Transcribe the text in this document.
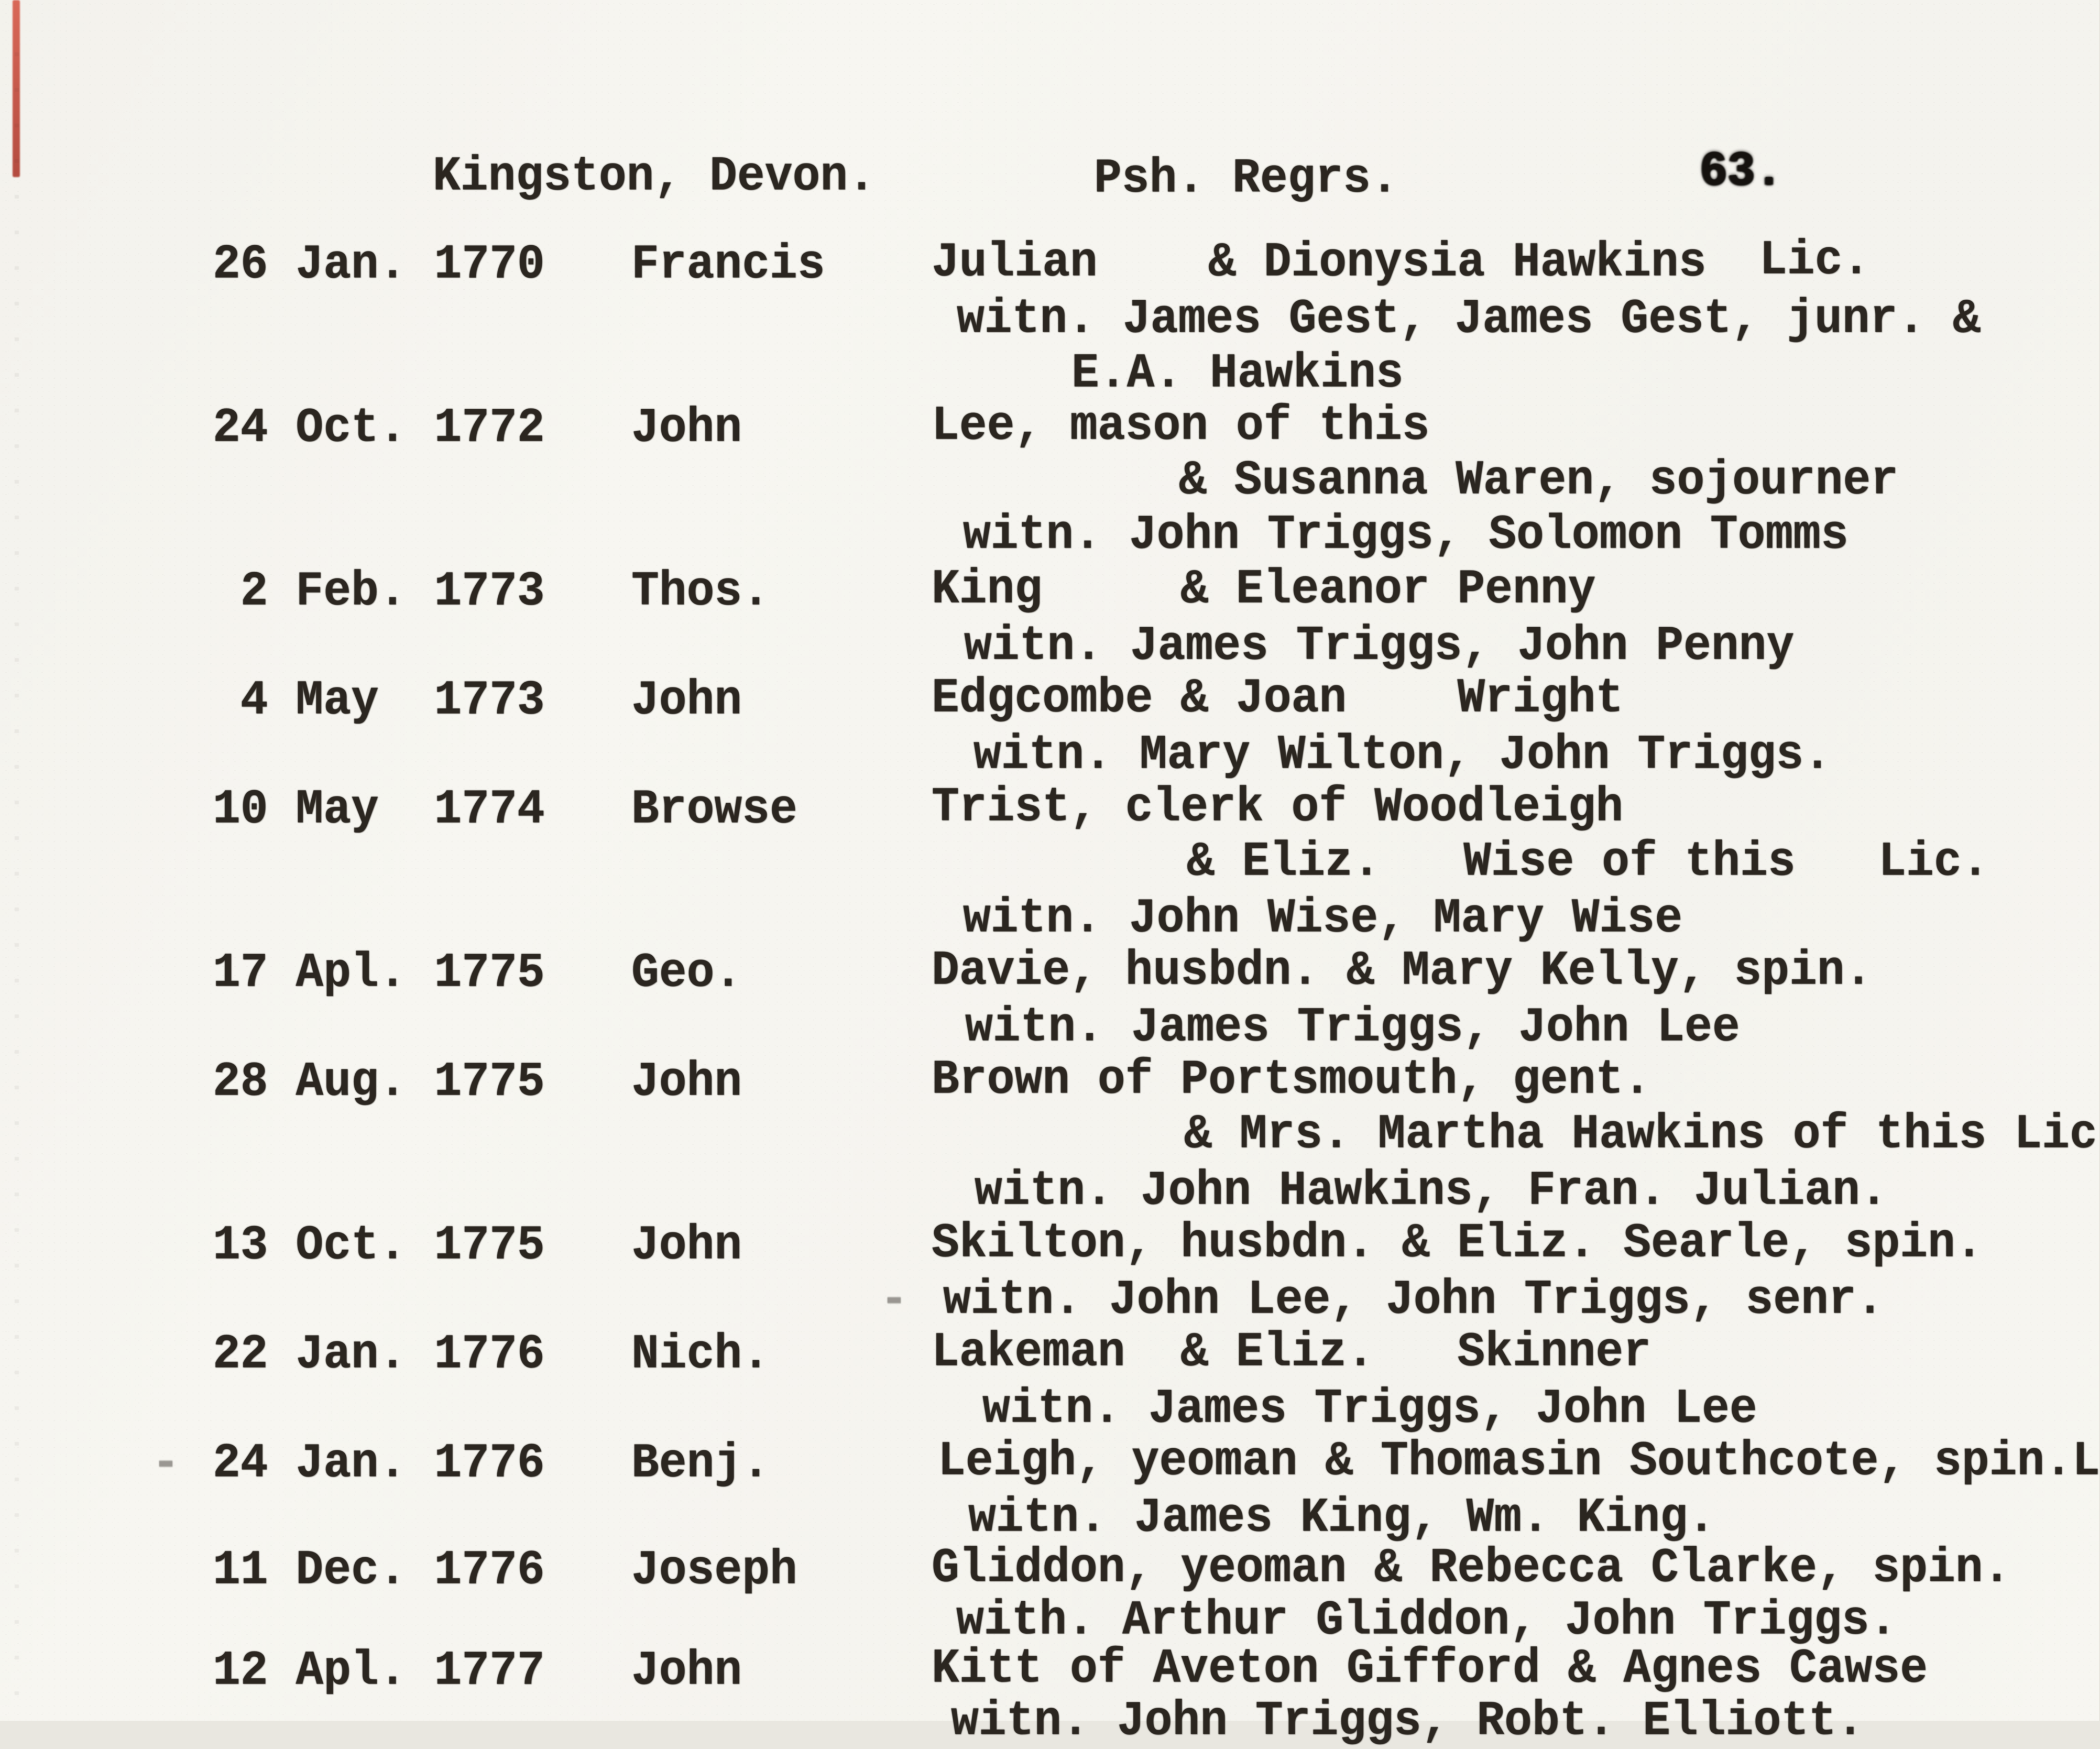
Kingston, Devon.	Psh. Regrs.	63.
26 Jan. 1770 Francis Julian    & Dionysia Hawkins Lic.
witn. James Gest, James Gest, junr. &
E.A. Hawkins
24 Oct. 1772 John	Lee, mason of this
& Susanna Waren, sojourner
witn. John Triggs, Solomon Tomms
2 Feb. 1773 Thos.	King     & Eleanor Penny
witn. James Triggs, John Penny
4 May  1773 John	Edgcombe & Joan    Wright
witn. Mary Wilton, John Triggs.
10 May  1774 Browse	Trist, clerk of Woodleigh
& Eliz.   Wise of this   Lic.
witn. John Wise, Mary Wise
17 Apl. 1775 Geo.	Davie, husbdn. & Mary Kelly, spin.
witn. James Triggs, John Lee
28 Aug. 1775 John	Brown of Portsmouth, gent.
& Mrs. Martha Hawkins of this Lic
witn. John Hawkins, Fran. Julian.
13 Oct. 1775 John	Skilton, husbdn. & Eliz. Searle, spin.
- witn. John Lee, John Triggs, senr.
22 Jan. 1776 Nich.	Lakeman  & Eliz.   Skinner
witn. James Triggs, John Lee
- 24 Jan. 1776 Benj.	Leigh, yeoman & Thomasin Southcote, spin.L
witn. James King, Wm. King.
11 Dec. 1776 Joseph	Gliddon, yeoman & Rebecca Clarke, spin.
with. Arthur Gliddon, John Triggs.
12 Apl. 1777 John	Kitt of Aveton Gifford & Agnes Cawse
witn. John Triggs, Robt. Elliott.
